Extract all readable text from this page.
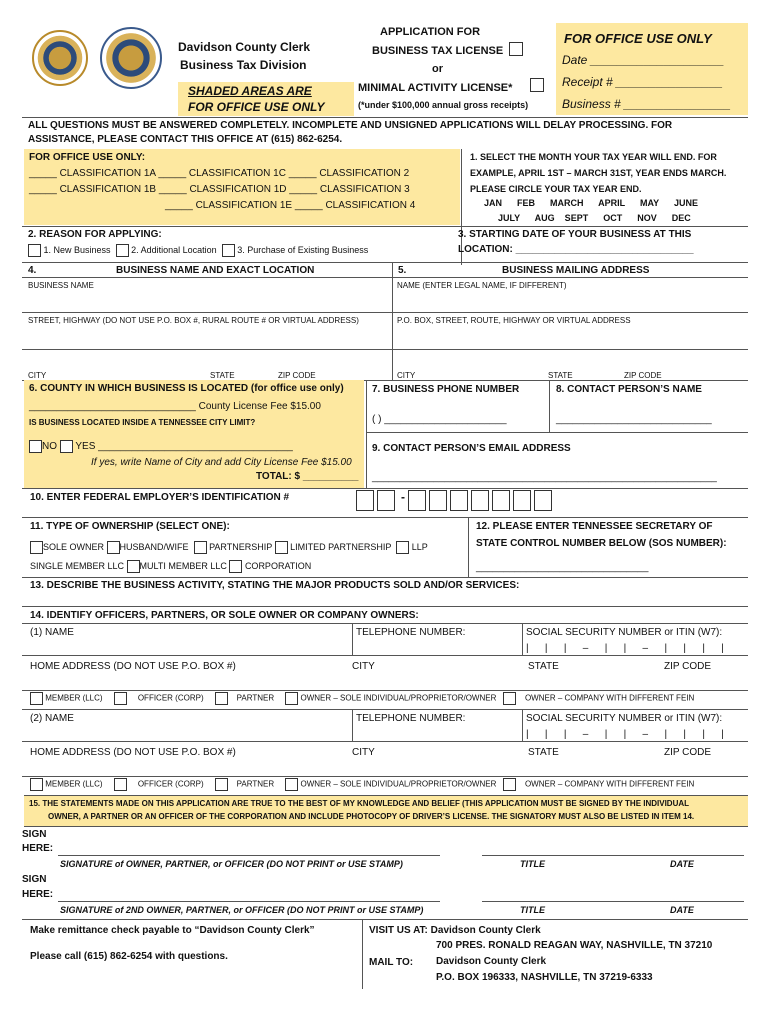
Davidson County Clerk
Business Tax Division
SHADED AREAS ARE
FOR OFFICE USE ONLY
APPLICATION FOR
BUSINESS TAX LICENSE
or
MINIMAL ACTIVITY LICENSE*
(*under $100,000 annual gross receipts)
FOR OFFICE USE ONLY
Date ____________________
Receipt # ________________
Business # ________________
ALL QUESTIONS MUST BE ANSWERED COMPLETELY. INCOMPLETE AND UNSIGNED APPLICATIONS WILL DELAY PROCESSING. FOR
ASSISTANCE, PLEASE CONTACT THIS OFFICE AT (615) 862-6254.
FOR OFFICE USE ONLY:
_____ CLASSIFICATION 1A _____ CLASSIFICATION 1C _____ CLASSIFICATION 2
_____ CLASSIFICATION 1B _____ CLASSIFICATION 1D _____ CLASSIFICATION 3
_____ CLASSIFICATION 1E _____ CLASSIFICATION 4
1. SELECT THE MONTH YOUR TAX YEAR WILL END. FOR
EXAMPLE, APRIL 1ST – MARCH 31ST, YEAR ENDS MARCH.
PLEASE CIRCLE YOUR TAX YEAR END.
JAN      FEB      MARCH      APRIL      MAY      JUNE
JULY      AUG    SEPT      OCT      NOV      DEC
2. REASON FOR APPLYING:
1. New Business 2. Additional Location 3. Purchase of Existing Business
3. STARTING DATE OF YOUR BUSINESS AT THIS
LOCATION: ________________________________
4.	BUSINESS NAME AND EXACT LOCATION	5.	BUSINESS MAILING ADDRESS
BUSINESS NAME	NAME (ENTER LEGAL NAME, IF DIFFERENT)
STREET, HIGHWAY (DO NOT USE P.O. BOX #, RURAL ROUTE # OR VIRTUAL ADDRESS)	P.O. BOX, STREET, ROUTE, HIGHWAY OR VIRTUAL ADDRESS
CITY	STATE	ZIP CODE	CITY	STATE	ZIP CODE
6. COUNTY IN WHICH BUSINESS IS LOCATED (for office use only)
______________________________ County License Fee $15.00
IS BUSINESS LOCATED INSIDE A TENNESSEE CITY LIMIT?
NO YES ___________________________________
If yes, write Name of City and add City License Fee $15.00
TOTAL: $ __________
7. BUSINESS PHONE NUMBER
( ) ______________________
8. CONTACT PERSON’S NAME
____________________________
9. CONTACT PERSON’S EMAIL ADDRESS
______________________________________________________________
10. ENTER FEDERAL EMPLOYER’S IDENTIFICATION #	-
11. TYPE OF OWNERSHIP (SELECT ONE):
SOLE OWNER HUSBAND/WIFE PARTNERSHIP LIMITED PARTNERSHIP LLP
SINGLE MEMBER LLC MULTI MEMBER LLC CORPORATION
12. PLEASE ENTER TENNESSEE SECRETARY OF
STATE CONTROL NUMBER BELOW (SOS NUMBER):
_______________________________
13. DESCRIBE THE BUSINESS ACTIVITY, STATING THE MAJOR PRODUCTS SOLD AND/OR SERVICES:
14. IDENTIFY OFFICERS, PARTNERS, OR SOLE OWNER OR COMPANY OWNERS:
(1) NAME	TELEPHONE NUMBER:	SOCIAL SECURITY NUMBER or ITIN (W7):
|   |   |   –   |   |   –   |   |   |   |
HOME ADDRESS (DO NOT USE P.O. BOX #)	CITY	STATE	ZIP CODE
MEMBER (LLC)	OFFICER (CORP)	PARTNER	OWNER – SOLE INDIVIDUAL/PROPRIETOR/OWNER	OWNER – COMPANY WITH DIFFERENT FEIN
(2) NAME	TELEPHONE NUMBER:	SOCIAL SECURITY NUMBER or ITIN (W7):
|   |   |   –   |   |   –   |   |   |   |
HOME ADDRESS (DO NOT USE P.O. BOX #)	CITY	STATE	ZIP CODE
MEMBER (LLC)	OFFICER (CORP)	PARTNER	OWNER – SOLE INDIVIDUAL/PROPRIETOR/OWNER	OWNER – COMPANY WITH DIFFERENT FEIN
15. THE STATEMENTS MADE ON THIS APPLICATION ARE TRUE TO THE BEST OF MY KNOWLEDGE AND BELIEF (THIS APPLICATION MUST BE SIGNED BY THE INDIVIDUAL
OWNER, A PARTNER OR AN OFFICER OF THE CORPORATION AND INCLUDE PHOTOCOPY OF DRIVER’S LICENSE. THE SIGNATORY MUST ALSO BE LISTED IN ITEM 14.
SIGN
HERE:
SIGNATURE of OWNER, PARTNER, or OFFICER (DO NOT PRINT or USE STAMP)	TITLE	DATE
SIGN
HERE:
SIGNATURE of 2ND OWNER, PARTNER, or OFFICER (DO NOT PRINT or USE STAMP)	TITLE	DATE
Make remittance check payable to “Davidson County Clerk”
Please call (615) 862-6254 with questions.
VISIT US AT: Davidson County Clerk
700 PRES. RONALD REAGAN WAY, NASHVILLE, TN 37210
MAIL TO: Davidson County Clerk
P.O. BOX 196333, NASHVILLE, TN 37219-6333
